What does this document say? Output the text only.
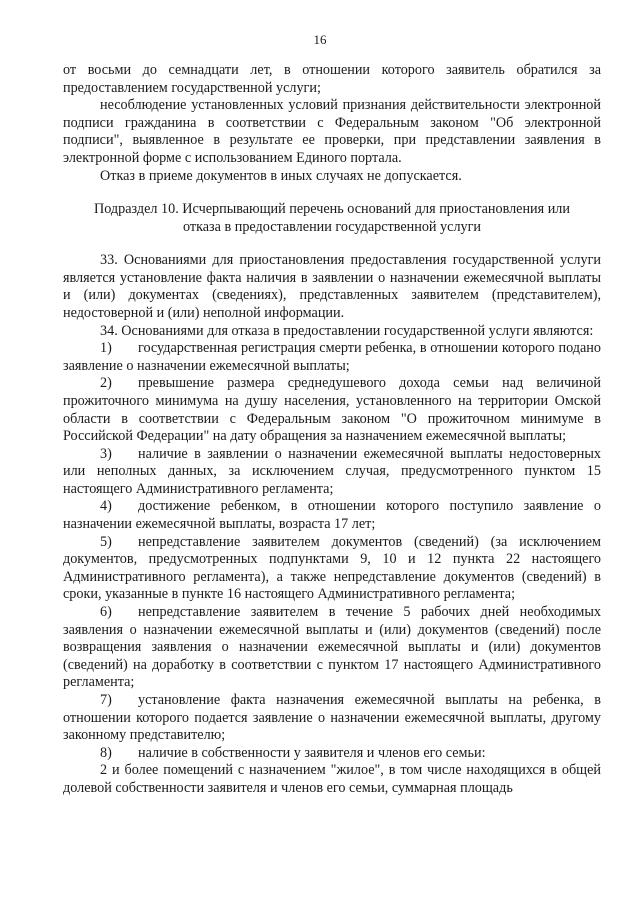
16

от восьми до семнадцати лет, в отношении которого заявитель обратился за предоставлением государственной услуги;

несоблюдение установленных условий признания действительности электронной подписи гражданина в соответствии с Федеральным законом "Об электронной подписи", выявленное в результате ее проверки, при представлении заявления в электронной форме с использованием Единого портала.

Отказ в приеме документов в иных случаях не допускается.

Подраздел 10. Исчерпывающий перечень оснований для приостановления или отказа в предоставлении государственной услуги

33. Основаниями для приостановления предоставления государственной услуги является установление факта наличия в заявлении о назначении ежемесячной выплаты и (или) документах (сведениях), представленных заявителем (представителем), недостоверной и (или) неполной информации.

34. Основаниями для отказа в предоставлении государственной услуги являются:

1) государственная регистрация смерти ребенка, в отношении которого подано заявление о назначении ежемесячной выплаты;

2) превышение размера среднедушевого дохода семьи над величиной прожиточного минимума на душу населения, установленного на территории Омской области в соответствии с Федеральным законом "О прожиточном минимуме в Российской Федерации" на дату обращения за назначением ежемесячной выплаты;

3) наличие в заявлении о назначении ежемесячной выплаты недостоверных или неполных данных, за исключением случая, предусмотренного пунктом 15 настоящего Административного регламента;

4) достижение ребенком, в отношении которого поступило заявление о назначении ежемесячной выплаты, возраста 17 лет;

5) непредставление заявителем документов (сведений) (за исключением документов, предусмотренных подпунктами 9, 10 и 12 пункта 22 настоящего Административного регламента), а также непредставление документов (сведений) в сроки, указанные в пункте 16 настоящего Административного регламента;

6) непредставление заявителем в течение 5 рабочих дней необходимых заявления о назначении ежемесячной выплаты и (или) документов (сведений) после возвращения заявления о назначении ежемесячной выплаты и (или) документов (сведений) на доработку в соответствии с пунктом 17 настоящего Административного регламента;

7) установление факта назначения ежемесячной выплаты на ребенка, в отношении которого подается заявление о назначении ежемесячной выплаты, другому законному представителю;

8) наличие в собственности у заявителя и членов его семьи:

2 и более помещений с назначением "жилое", в том числе находящихся в общей долевой собственности заявителя и членов его семьи, суммарная площадь
